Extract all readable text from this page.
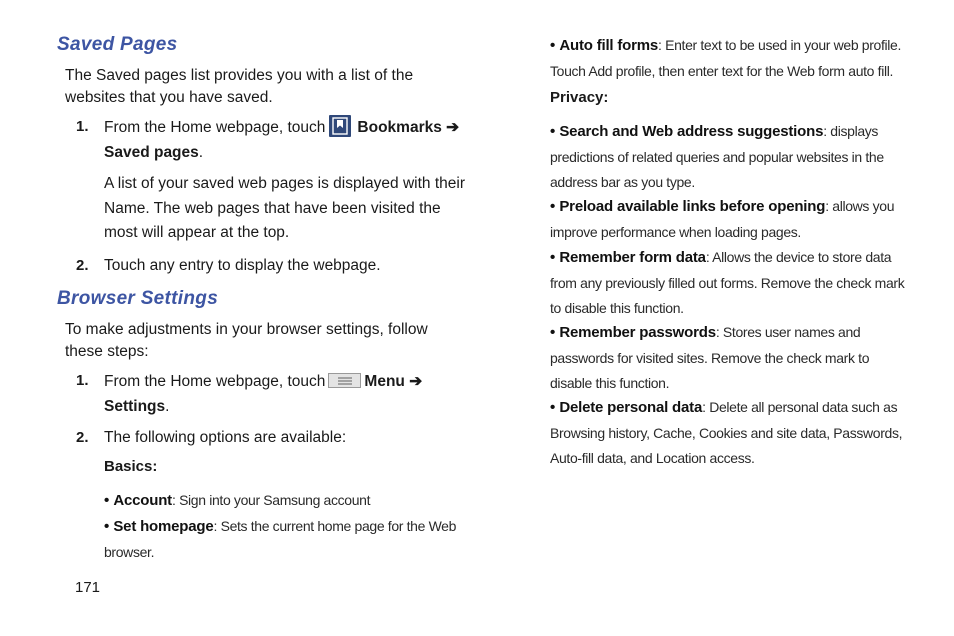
Saved Pages

The Saved pages list provides you with a list of the websites that you have saved.

1. From the Home webpage, touch Bookmarks ➔
Saved pages.

A list of your saved web pages is displayed with their Name. The web pages that have been visited the most will appear at the top.

2. Touch any entry to display the webpage.

Browser Settings

To make adjustments in your browser settings, follow these steps:

1. From the Home webpage, touch	Menu ➔
Settings.

2. The following options are available:

Basics:

• Account: Sign into your Samsung account

• Set homepage: Sets the current home page for the Web browser.

171

• Auto fill forms: Enter text to be used in your web profile. Touch Add profile, then enter text for the Web form auto fill.

Privacy:

• Search and Web address suggestions: displays predictions of related queries and popular websites in the address bar as you type.

• Preload available links before opening: allows you improve performance when loading pages.

• Remember form data: Allows the device to store data from any previously filled out forms. Remove the check mark to disable this function.

• Remember passwords: Stores user names and passwords for visited sites. Remove the check mark to disable this function.

• Delete personal data: Delete all personal data such as Browsing history, Cache, Cookies and site data, Passwords, Auto-fill data, and Location access.
